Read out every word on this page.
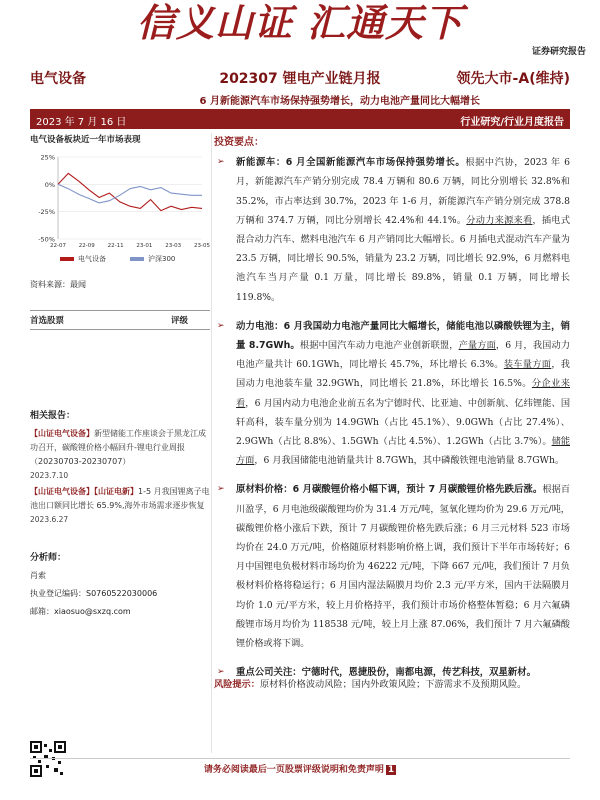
信义山证 汇通天下
证券研究报告
电气设备	202307 锂电产业链月报	领先大市-A(维持)
6 月新能源汽车市场保持强势增长，动力电池产量同比大幅增长
2023 年 7 月 16 日	行业研究/行业月度报告
电气设备板块近一年市场表现
25%
0%
-25%
-50%
22-07 22-09 22-11 23-01 23-03 23-05
电气设备	沪深300
资料来源：最闻
首选股票	评级
相关报告：
【山证电气设备】新型储能工作座谈会于黑龙江成功召开，碳酸锂价格小幅回升-锂电行业周报（20230703-20230707）
2023.7.10
【山证电气设备】【山证电新】1-5 月我国锂离子电池出口额同比增长 65.9%,海外市场需求逐步恢复
2023.6.27
分析师：
肖索
执业登记编码：S0760522030006
邮箱：xiaosuo@sxzq.com
投资要点：
➢ 新能源车：6 月全国新能源汽车市场保持强势增长。根据中汽协，2023 年 6 月，新能源汽车产销分别完成 78.4 万辆和 80.6 万辆，同比分别增长 32.8%和 35.2%，市占率达到 30.7%，2023 年 1-6 月，新能源汽车产销分别完成 378.8 万辆和 374.7 万辆，同比分别增长 42.4%和 44.1%。分动力来源来看，插电式混合动力汽车、燃料电池汽车 6 月产销同比大幅增长。6 月插电式混动汽车产量为 23.5 万辆，同比增长 90.5%，销量为 23.2 万辆，同比增长 92.9%，6 月燃料电池汽车当月产量 0.1 万量，同比增长 89.8%，销量 0.1 万辆，同比增长 119.8%。
➢ 动力电池：6 月我国动力电池产量同比大幅增长，储能电池以磷酸铁锂为主，销量 8.7GWh。根据中国汽车动力电池产业创新联盟，产量方面，6 月，我国动力电池产量共计 60.1GWh，同比增长 45.7%，环比增长 6.3%。装车量方面，我国动力电池装车量 32.9GWh，同比增长 21.8%，环比增长 16.5%。分企业来看，6 月国内动力电池企业前五名为宁德时代、比亚迪、中创新航、亿纬锂能、国轩高科，装车量分别为 14.9GWh（占比 45.1%）、9.0GWh（占比 27.4%）、2.9GWh（占比 8.8%）、1.5GWh（占比 4.5%）、1.2GWh（占比 3.7%）。储能方面，6 月我国储能电池销量共计 8.7GWh，其中磷酸铁锂电池销量 8.7GWh。
➢ 原材料价格：6 月碳酸锂价格小幅下调，预计 7 月碳酸锂价格先跌后涨。根据百川盈孚，6 月电池级碳酸锂均价为 31.4 万元/吨，氢氧化锂均价为 29.6 万元/吨，碳酸锂价格小涨后下跌，预计 7 月碳酸锂价格先跌后涨；6 月三元材料 523 市场均价在 24.0 万元/吨，价格随原材料影响价格上调，我们预计下半年市场转好；6 月中国锂电负极材料市场均价为 46222 元/吨，下降 667 元/吨，我们预计 7 月负极材料价格将稳运行；6 月国内湿法隔膜月均价 2.3 元/平方米，国内干法隔膜月均价 1.0 元/平方米，较上月价格持平，我们预计市场价格整体暂稳；6 月六氟磷酸锂市场月均价为 118538 元/吨，较上月上涨 87.06%，我们预计 7 月六氟磷酸锂价格或将下调。
➢ 重点公司关注：宁德时代，恩捷股份，南都电源，传艺科技，双星新材。
风险提示：原材料价格波动风险；国内外政策风险；下游需求不及预期风险。
请务必阅读最后一页股票评级说明和免责声明 1
